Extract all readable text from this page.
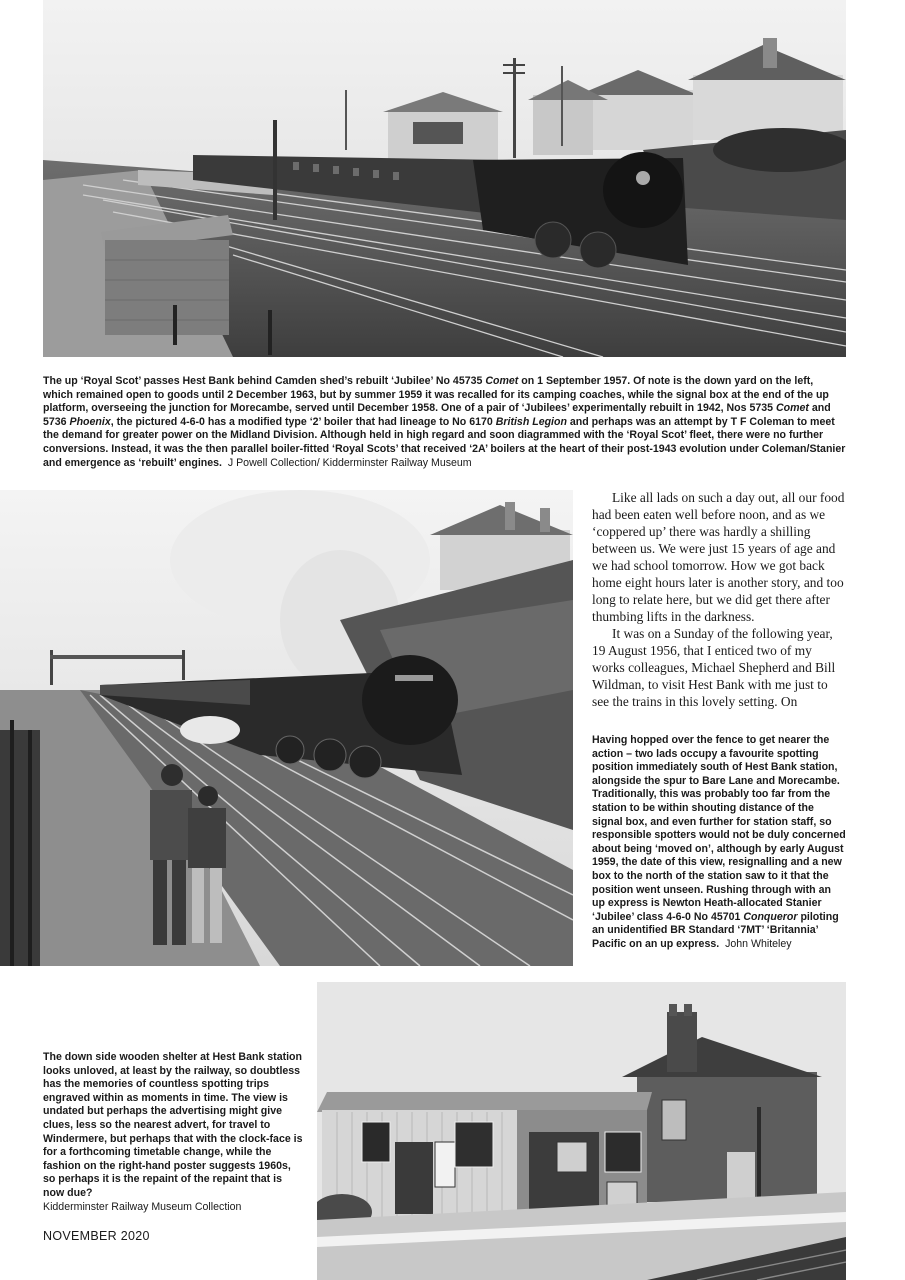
The up ‘Royal Scot’ passes Hest Bank behind Camden shed’s rebuilt ‘Jubilee’ No 45735 Comet on 1 September 1957. Of note is the down yard on the left, which remained open to goods until 2 December 1963, but by summer 1959 it was recalled for its camping coaches, while the signal box at the end of the up platform, overseeing the junction for Morecambe, served until December 1958. One of a pair of ‘Jubilees’ experimentally rebuilt in 1942, Nos 5735 Comet and 5736 Phoenix, the pictured 4-6-0 has a modified type ‘2’ boiler that had lineage to No 6170 British Legion and perhaps was an attempt by T F Coleman to meet the demand for greater power on the Midland Division. Although held in high regard and soon diagrammed with the ‘Royal Scot’ fleet, there were no further conversions. Instead, it was the then parallel boiler-fitted ‘Royal Scots’ that received ‘2A’ boilers at the heart of their post-1943 evolution under Coleman/Stanier and emergence as ‘rebuilt’ engines. J Powell Collection/ Kidderminster Railway Museum

Like all lads on such a day out, all our food had been eaten well before noon, and as we ‘coppered up’ there was hardly a shilling between us. We were just 15 years of age and we had school tomorrow. How we got back home eight hours later is another story, and too long to relate here, but we did get there after thumbing lifts in the darkness.

It was on a Sunday of the following year, 19 August 1956, that I enticed two of my works colleagues, Michael Shepherd and Bill Wildman, to visit Hest Bank with me just to see the trains in this lovely setting. On

Having hopped over the fence to get nearer the action – two lads occupy a favourite spotting position immediately south of Hest Bank station, alongside the spur to Bare Lane and Morecambe. Traditionally, this was probably too far from the station to be within shouting distance of the signal box, and even further for station staff, so responsible spotters would not be duly concerned about being ‘moved on’, although by early August 1959, the date of this view, resignalling and a new box to the north of the station saw to it that the position went unseen. Rushing through with an up express is Newton Heath-allocated Stanier ‘Jubilee’ class 4-6-0 No 45701 Conqueror piloting an unidentified BR Standard ‘7MT’ ‘Britannia’ Pacific on an up express. John Whiteley

The down side wooden shelter at Hest Bank station looks unloved, at least by the railway, so doubtless has the memories of countless spotting trips engraved within as moments in time. The view is undated but perhaps the advertising might give clues, less so the nearest advert, for travel to Windermere, but perhaps that with the clock-face is for a forthcoming timetable change, while the fashion on the right-hand poster suggests 1960s, so perhaps it is the repaint of the repaint that is now due?
Kidderminster Railway Museum Collection

NOVEMBER 2020
